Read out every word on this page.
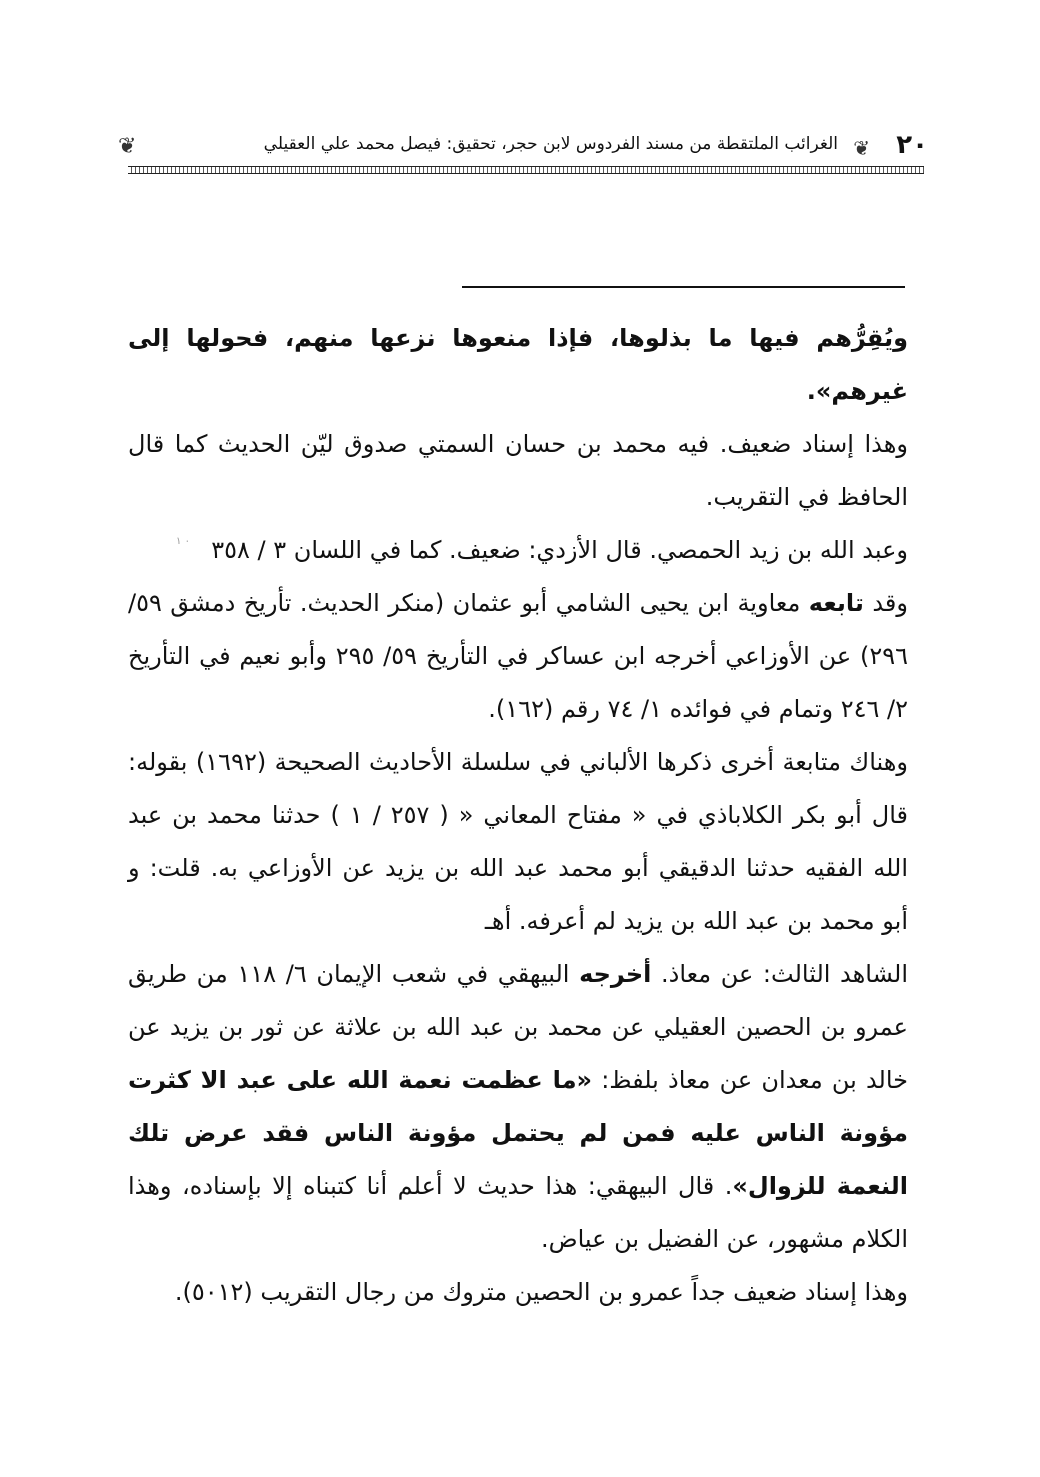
٢٠
❦
الغرائب الملتقطة من مسند الفردوس لابن حجر، تحقيق: فيصل محمد علي العقيلي
❦
٠ ١

ويُقِرُّهم فيها ما بذلوها، فإذا منعوها نزعها منهم، فحولها إلى غيرهم».

وهذا إسناد ضعيف. فيه محمد بن حسان السمتي صدوق ليّن الحديث كما قال الحافظ في التقريب.

وعبد الله بن زيد الحمصي. قال الأزدي: ضعيف. كما في اللسان ٣ / ٣٥٨

وقد تابعه معاوية ابن يحيى الشامي أبو عثمان (منكر الحديث. تأريخ دمشق ٥٩/ ٢٩٦) عن الأوزاعي أخرجه ابن عساكر في التأريخ ٥٩/ ٢٩٥ وأبو نعيم في التأريخ ٢/ ٢٤٦ وتمام في فوائده ١/ ٧٤ رقم (١٦٢).

وهناك متابعة أخرى ذكرها الألباني في سلسلة الأحاديث الصحيحة (١٦٩٢) بقوله: قال أبو بكر الكلاباذي في « مفتاح المعاني « ( ٢٥٧ / ١ ) حدثنا محمد بن عبد الله الفقيه حدثنا الدقيقي أبو محمد عبد الله بن يزيد عن الأوزاعي به. قلت: و أبو محمد بن عبد الله بن يزيد لم أعرفه. أهـ

الشاهد الثالث: عن معاذ. أخرجه البيهقي في شعب الإيمان ٦/ ١١٨ من طريق عمرو بن الحصين العقيلي عن محمد بن عبد الله بن علاثة عن ثور بن يزيد عن خالد بن معدان عن معاذ بلفظ: «ما عظمت نعمة الله على عبد الا كثرت مؤونة الناس عليه فمن لم يحتمل مؤونة الناس فقد عرض تلك النعمة للزوال». قال البيهقي: هذا حديث لا أعلم أنا كتبناه إلا بإسناده، وهذا الكلام مشهور، عن الفضيل بن عياض.

وهذا إسناد ضعيف جداً عمرو بن الحصين متروك من رجال التقريب (٥٠١٢).
